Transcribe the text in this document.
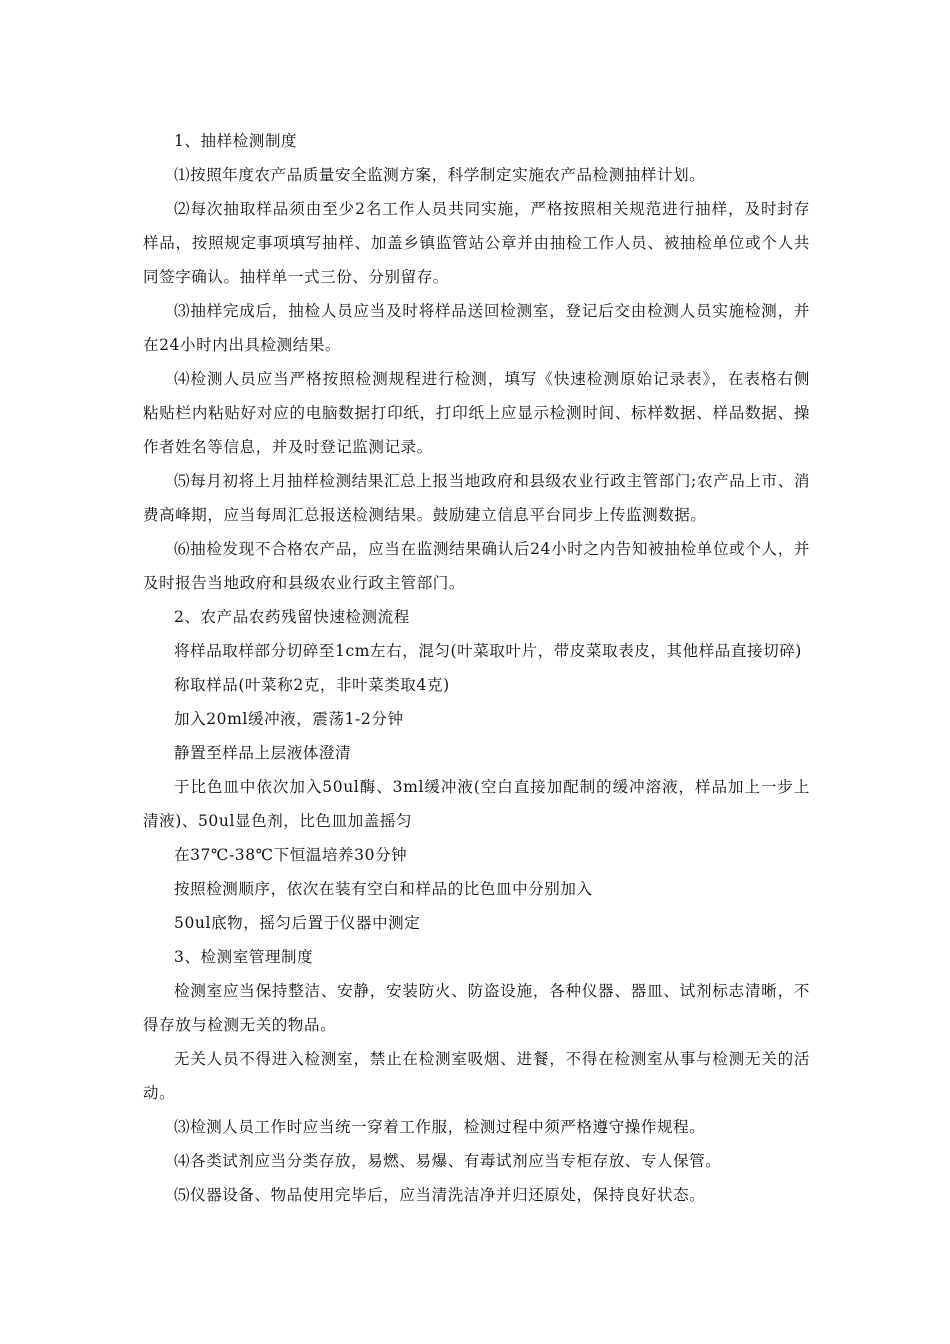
1、抽样检测制度

⑴按照年度农产品质量安全监测方案，科学制定实施农产品检测抽样计划。

⑵每次抽取样品须由至少2名工作人员共同实施，严格按照相关规范进行抽样，及时封存样品，按照规定事项填写抽样、加盖乡镇监管站公章并由抽检工作人员、被抽检单位或个人共同签字确认。抽样单一式三份、分别留存。

⑶抽样完成后，抽检人员应当及时将样品送回检测室，登记后交由检测人员实施检测，并在24小时内出具检测结果。

⑷检测人员应当严格按照检测规程进行检测，填写《快速检测原始记录表》，在表格右侧粘贴栏内粘贴好对应的电脑数据打印纸，打印纸上应显示检测时间、标样数据、样品数据、操作者姓名等信息，并及时登记监测记录。

⑸每月初将上月抽样检测结果汇总上报当地政府和县级农业行政主管部门;农产品上市、消费高峰期，应当每周汇总报送检测结果。鼓励建立信息平台同步上传监测数据。

⑹抽检发现不合格农产品，应当在监测结果确认后24小时之内告知被抽检单位或个人，并及时报告当地政府和县级农业行政主管部门。

2、农产品农药残留快速检测流程

将样品取样部分切碎至1cm左右，混匀(叶菜取叶片，带皮菜取表皮，其他样品直接切碎)

称取样品(叶菜称2克，非叶菜类取4克)

加入20ml缓冲液，震荡1-2分钟

静置至样品上层液体澄清

于比色皿中依次加入50ul酶、3ml缓冲液(空白直接加配制的缓冲溶液，样品加上一步上清液)、50ul显色剂，比色皿加盖摇匀

在37℃-38℃下恒温培养30分钟

按照检测顺序，依次在装有空白和样品的比色皿中分别加入

50ul底物，摇匀后置于仪器中测定

3、检测室管理制度

检测室应当保持整洁、安静，安装防火、防盗设施，各种仪器、器皿、试剂标志清晰，不得存放与检测无关的物品。

无关人员不得进入检测室，禁止在检测室吸烟、进餐，不得在检测室从事与检测无关的活动。

⑶检测人员工作时应当统一穿着工作服，检测过程中须严格遵守操作规程。

⑷各类试剂应当分类存放，易燃、易爆、有毒试剂应当专柜存放、专人保管。

⑸仪器设备、物品使用完毕后，应当清洗洁净并归还原处，保持良好状态。
